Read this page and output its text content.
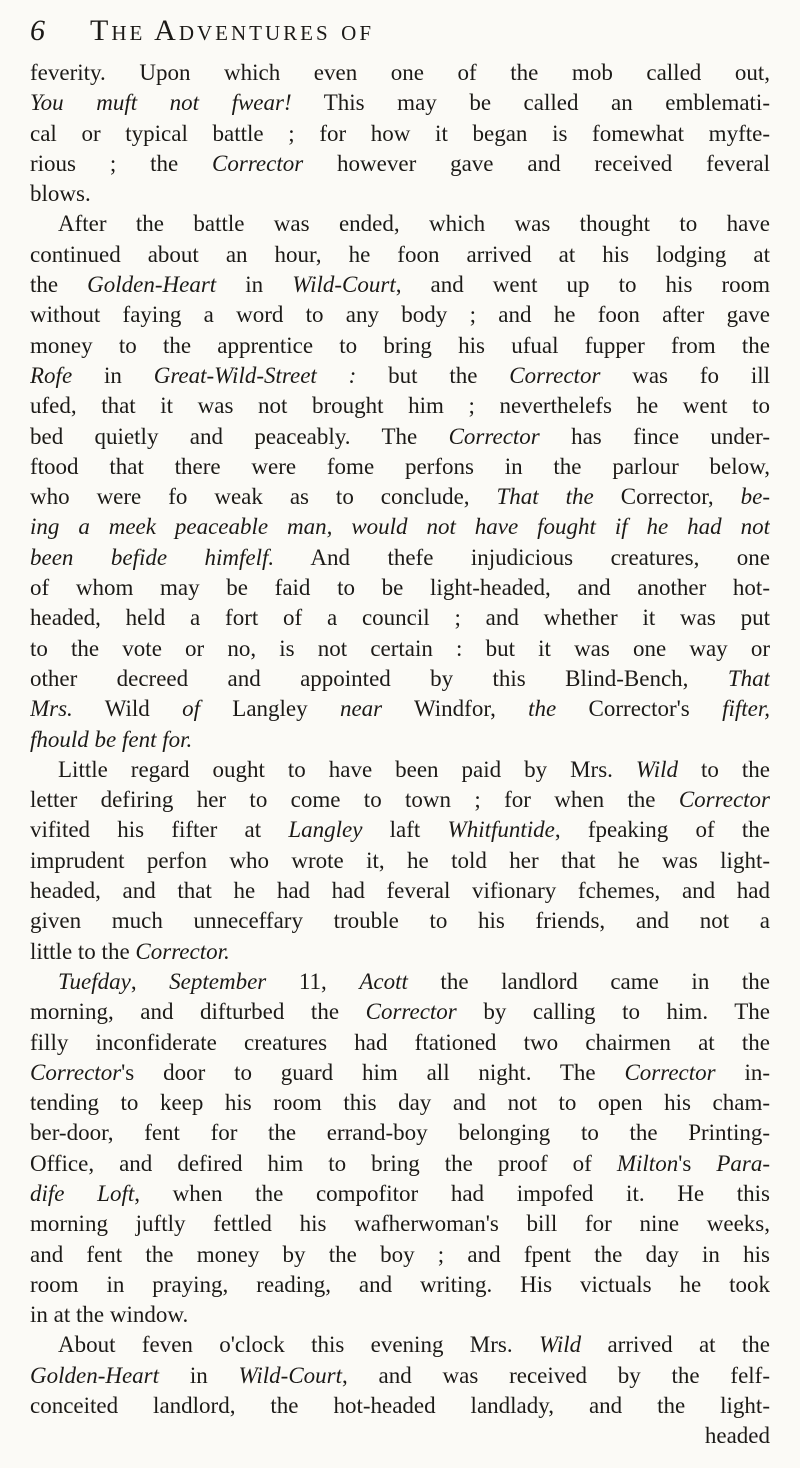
6 The Adventures of
feverity. Upon which even one of the mob called out,
You muft not fwear! This may be called an emblemati-
cal or typical battle ; for how it began is fomewhat myfte-
rious ; the Corrector however gave and received feveral
blows.
After the battle was ended, which was thought to have
continued about an hour, he foon arrived at his lodging at
the Golden-Heart in Wild-Court, and went up to his room
without faying a word to any body ; and he foon after gave
money to the apprentice to bring his ufual fupper from the
Rofe in Great-Wild-Street : but the Corrector was fo ill
ufed, that it was not brought him ; neverthelefs he went to
bed quietly and peaceably. The Corrector has fince under-
ftood that there were fome perfons in the parlour below,
who were fo weak as to conclude, That the Corrector, be-
ing a meek peaceable man, would not have fought if he had not
been befide himfelf. And thefe injudicious creatures, one
of whom may be faid to be light-headed, and another hot-
headed, held a fort of a council ; and whether it was put
to the vote or no, is not certain : but it was one way or
other decreed and appointed by this Blind-Bench, That
Mrs. Wild of Langley near Windfor, the Corrector's fifter,
fhould be fent for.
Little regard ought to have been paid by Mrs. Wild to the
letter defiring her to come to town ; for when the Corrector
vifited his fifter at Langley laft Whitfuntide, fpeaking of the
imprudent perfon who wrote it, he told her that he was light-
headed, and that he had had feveral vifionary fchemes, and had
given much unneceffary trouble to his friends, and not a
little to the Corrector.
Tuefday, September 11, Acott the landlord came in the
morning, and difturbed the Corrector by calling to him. The
filly inconfiderate creatures had ftationed two chairmen at the
Corrector's door to guard him all night. The Corrector in-
tending to keep his room this day and not to open his cham-
ber-door, fent for the errand-boy belonging to the Printing-
Office, and defired him to bring the proof of Milton's Para-
dife Loft, when the compofitor had impofed it. He this
morning juftly fettled his wafherwoman's bill for nine weeks,
and fent the money by the boy ; and fpent the day in his
room in praying, reading, and writing. His victuals he took
in at the window.
About feven o'clock this evening Mrs. Wild arrived at the
Golden-Heart in Wild-Court, and was received by the felf-
conceited landlord, the hot-headed landlady, and the light-
headed
